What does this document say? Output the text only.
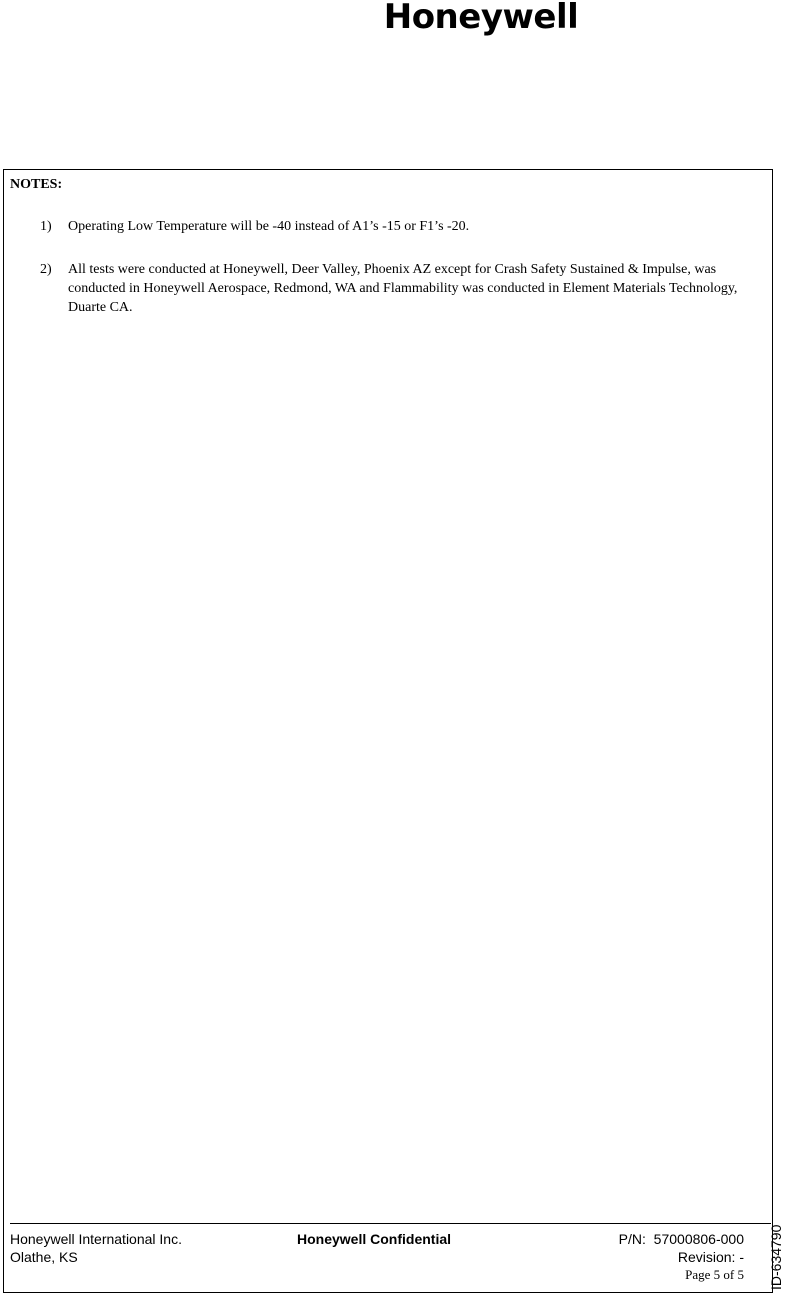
Honeywell
NOTES:
1) Operating Low Temperature will be -40 instead of A1’s -15 or F1’s -20.
2) All tests were conducted at Honeywell, Deer Valley, Phoenix AZ except for Crash Safety Sustained & Impulse, was conducted in Honeywell Aerospace, Redmond, WA and Flammability was conducted in Element Materials Technology, Duarte CA.
Honeywell International Inc.
Olathe, KS
Honeywell Confidential	P/N:  57000806-000
Revision: -
Page 5 of 5 ID-634790
